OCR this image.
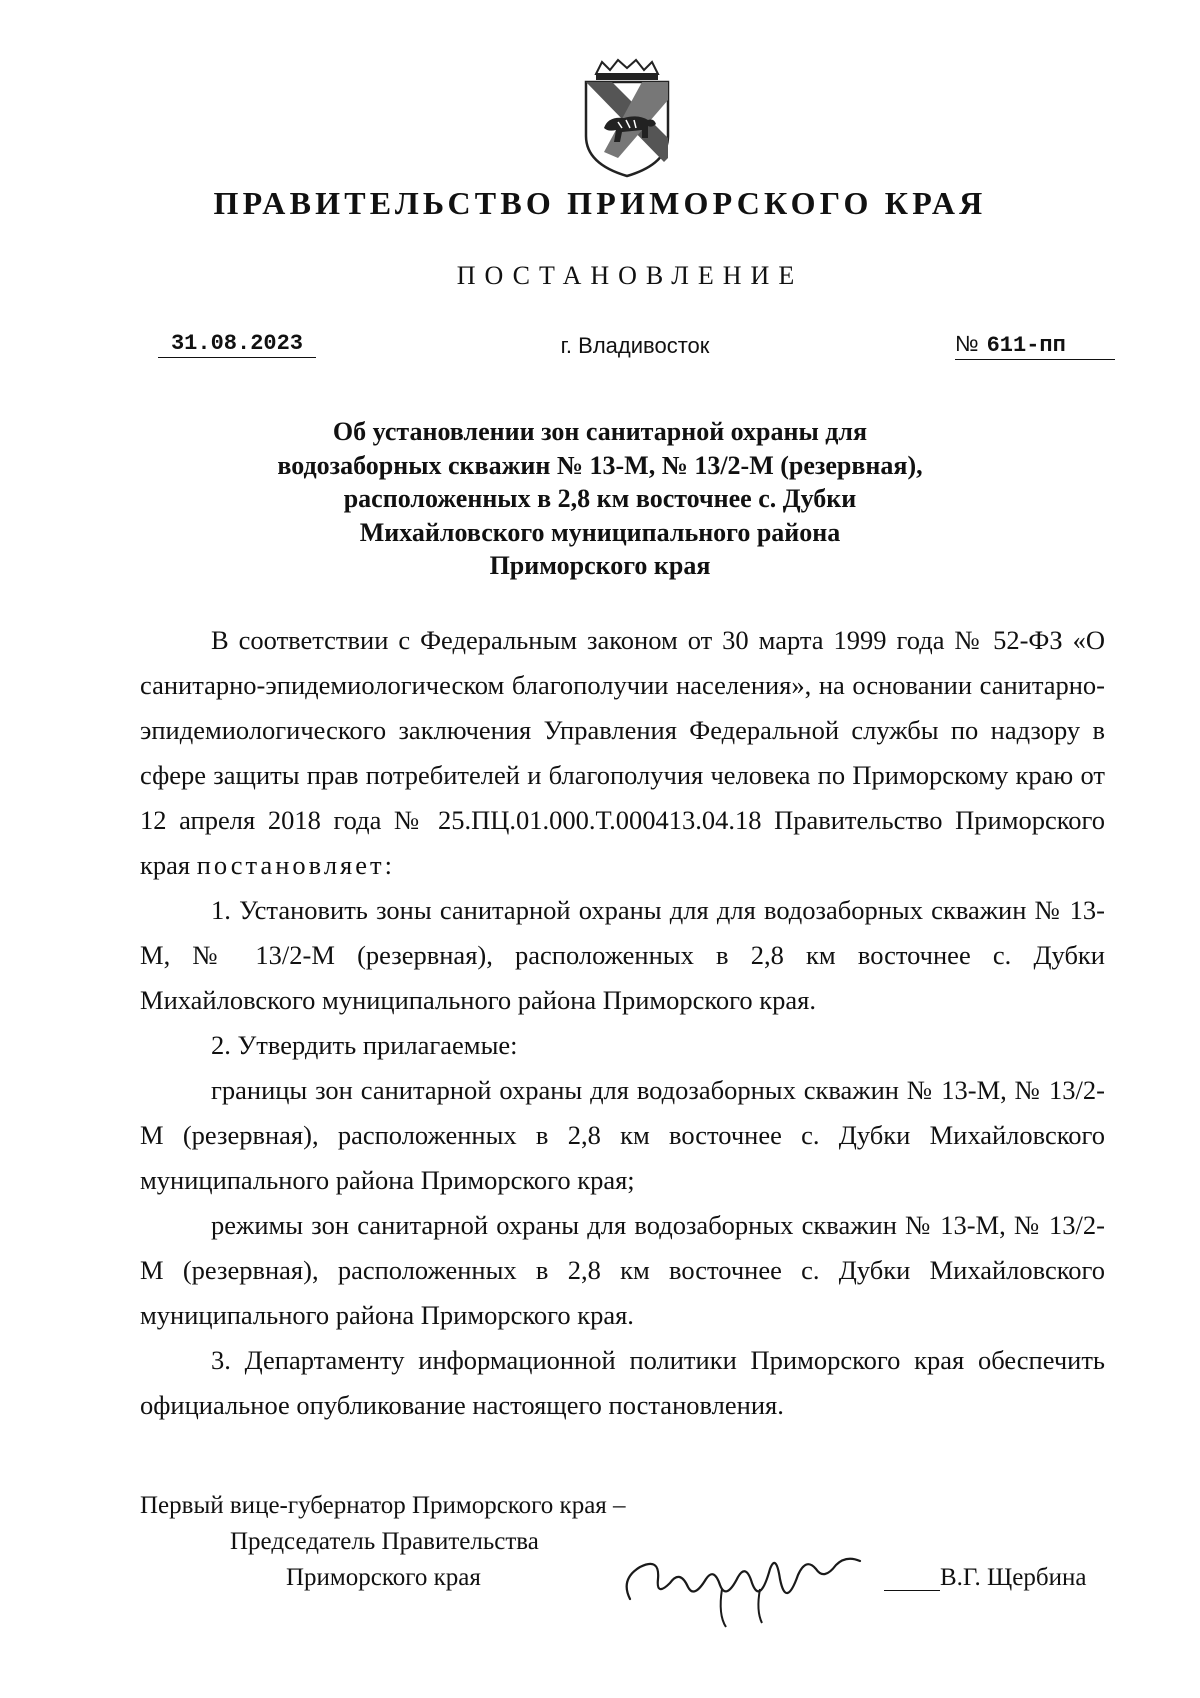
ПРАВИТЕЛЬСТВО ПРИМОРСКОГО КРАЯ
ПОСТАНОВЛЕНИЕ
31.08.2023	г. Владивосток	№ 611-пп
Об установлении зон санитарной охраны для
водозаборных скважин № 13-М, № 13/2-М (резервная),
расположенных в 2,8 км восточнее с. Дубки
Михайловского муниципального района
Приморского края

В соответствии с Федеральным законом от 30 марта 1999 года № 52-ФЗ «О санитарно-эпидемиологическом благополучии населения», на основании санитарно-эпидемиологического заключения Управления Федеральной службы по надзору в сфере защиты прав потребителей и благополучия человека по Приморскому краю от 12 апреля 2018 года № 25.ПЦ.01.000.Т.000413.04.18 Правительство Приморского края постановляет:

1. Установить зоны санитарной охраны для для водозаборных скважин № 13-М, № 13/2-М (резервная), расположенных в 2,8 км восточнее с. Дубки Михайловского муниципального района Приморского края.

2. Утвердить прилагаемые:

границы зон санитарной охраны для водозаборных скважин № 13-М, № 13/2-М (резервная), расположенных в 2,8 км восточнее с. Дубки Михайловского муниципального района Приморского края;

режимы зон санитарной охраны для водозаборных скважин № 13-М, № 13/2-М (резервная), расположенных в 2,8 км восточнее с. Дубки Михайловского муниципального района Приморского края.

3. Департаменту информационной политики Приморского края обеспечить официальное опубликование настоящего постановления.

Первый вице-губернатор Приморского края –
Председатель Правительства
Приморского края	В.Г. Щербина
